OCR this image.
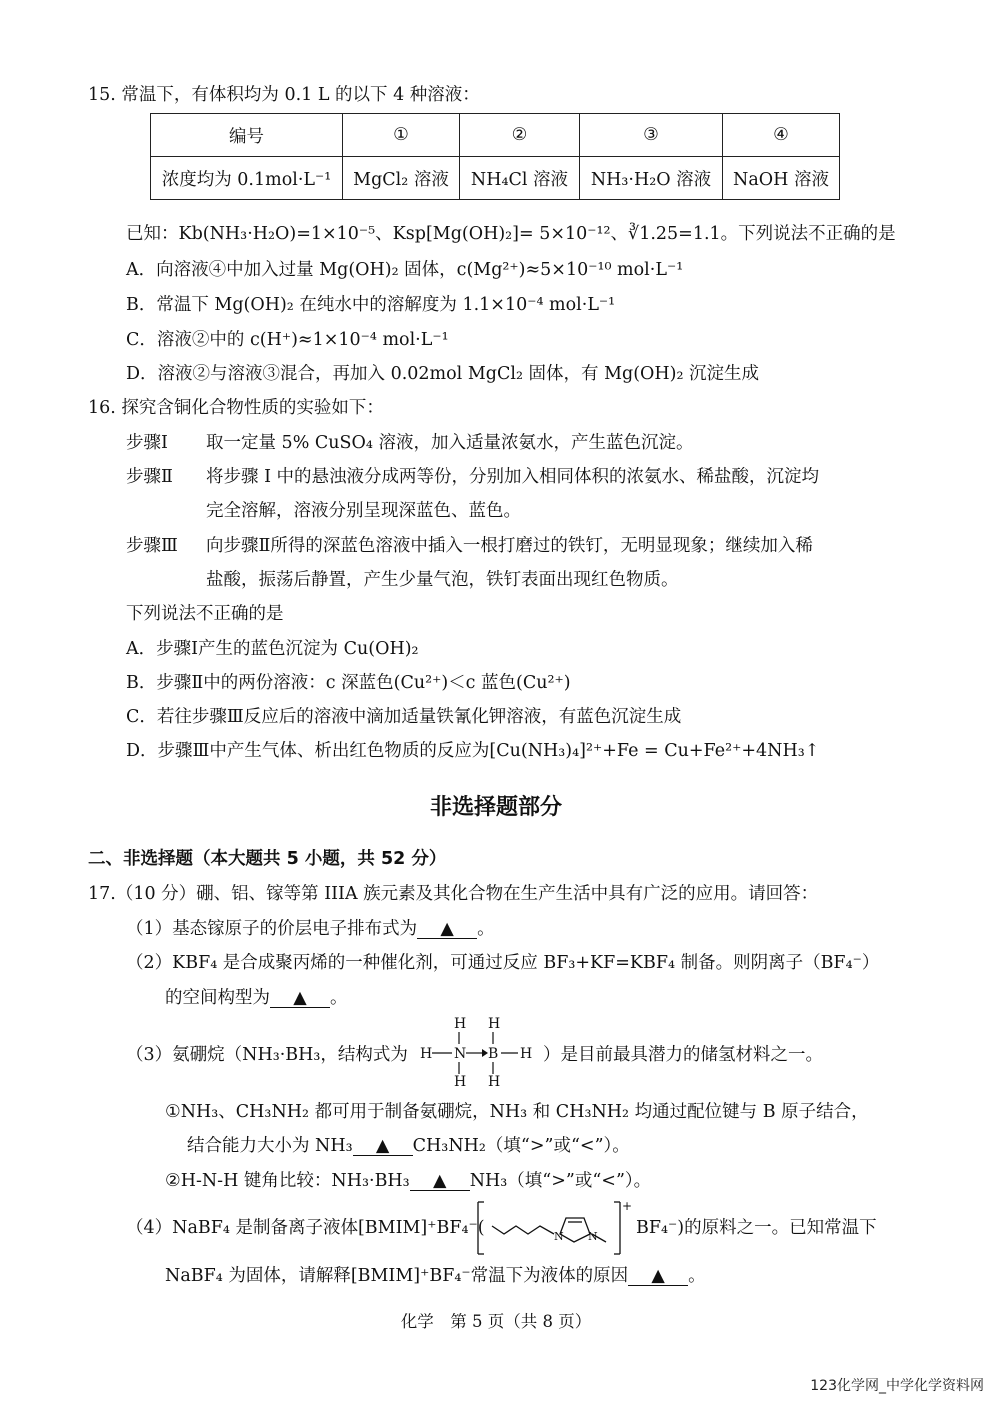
15. 常温下，有体积均为 0.1 L 的以下 4 种溶液：
编号	①	②	③	④
浓度均为 0.1mol·L⁻¹	MgCl₂ 溶液	NH₄Cl 溶液	NH₃·H₂O 溶液	NaOH 溶液
已知：Kb(NH₃·H₂O)=1×10⁻⁵、Ksp[Mg(OH)₂]= 5×10⁻¹²、∛1.25=1.1。下列说法不正确的是
A．向溶液④中加入过量 Mg(OH)₂ 固体，c(Mg²⁺)≈5×10⁻¹⁰ mol·L⁻¹
B．常温下 Mg(OH)₂ 在纯水中的溶解度为 1.1×10⁻⁴ mol·L⁻¹
C．溶液②中的 c(H⁺)≈1×10⁻⁴ mol·L⁻¹
D．溶液②与溶液③混合，再加入 0.02mol MgCl₂ 固体，有 Mg(OH)₂ 沉淀生成
16. 探究含铜化合物性质的实验如下：
步骤Ⅰ 取一定量 5% CuSO₄ 溶液，加入适量浓氨水，产生蓝色沉淀。
步骤Ⅱ 将步骤 I 中的悬浊液分成两等份，分别加入相同体积的浓氨水、稀盐酸，沉淀均
完全溶解，溶液分别呈现深蓝色、蓝色。
步骤Ⅲ 向步骤Ⅱ所得的深蓝色溶液中插入一根打磨过的铁钉，无明显现象；继续加入稀
盐酸，振荡后静置，产生少量气泡，铁钉表面出现红色物质。
下列说法不正确的是
A．步骤Ⅰ产生的蓝色沉淀为 Cu(OH)₂
B．步骤Ⅱ中的两份溶液：c 深蓝色(Cu²⁺)＜c 蓝色(Cu²⁺)
C．若往步骤Ⅲ反应后的溶液中滴加适量铁氰化钾溶液，有蓝色沉淀生成
D．步骤Ⅲ中产生气体、析出红色物质的反应为[Cu(NH₃)₄]²⁺+Fe = Cu+Fe²⁺+4NH₃↑
非选择题部分
二、非选择题（本大题共 5 小题，共 52 分）
17.（10 分）硼、铝、镓等第 IIIA 族元素及其化合物在生产生活中具有广泛的应用。请回答：
（1）基态镓原子的价层电子排布式为 ▲ 。
（2）KBF₄ 是合成聚丙烯的一种催化剂，可通过反应 BF₃+KF=KBF₄ 制备。则阴离子（BF₄⁻）
的空间构型为 ▲ 。
（3）氨硼烷（NH₃·BH₃，结构式为
H H
H N B H
H H
）是目前最具潜力的储氢材料之一。
①NH₃、CH₃NH₂ 都可用于制备氨硼烷，NH₃ 和 CH₃NH₂ 均通过配位键与 B 原子结合，
结合能力大小为 NH₃ ▲ CH₃NH₂（填“>”或“<”）。
②H-N-H 键角比较：NH₃·BH₃ ▲ NH₃（填“>”或“<”）。
（4）NaBF₄ 是制备离子液体[BMIM]⁺BF₄⁻(	N N
+
BF₄⁻)的原料之一。已知常温下
NaBF₄ 为固体，请解释[BMIM]⁺BF₄⁻常温下为液体的原因 ▲ 。
化学　第 5 页（共 8 页）
123化学网_中学化学资料网
